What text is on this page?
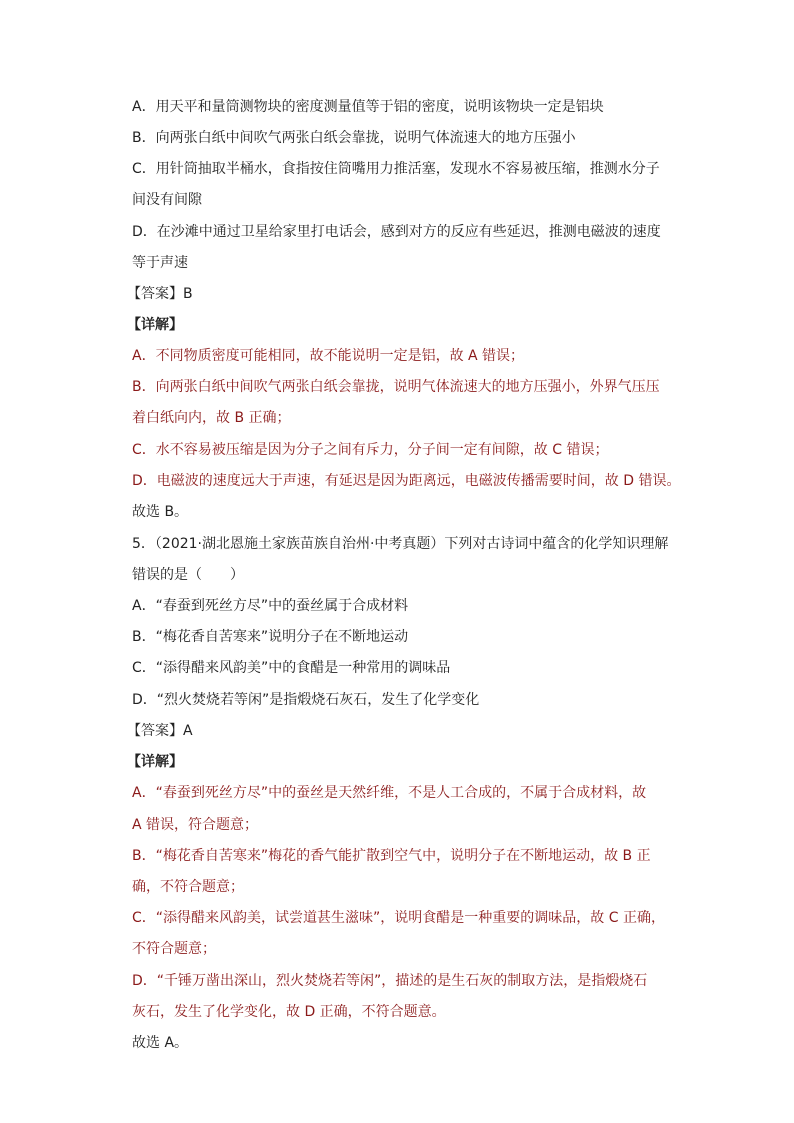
A．用天平和量筒测物块的密度测量值等于铝的密度，说明该物块一定是铝块
B．向两张白纸中间吹气两张白纸会靠拢，说明气体流速大的地方压强小
C．用针筒抽取半桶水，食指按住筒嘴用力推活塞，发现水不容易被压缩，推测水分子
间没有间隙
D．在沙滩中通过卫星给家里打电话会，感到对方的反应有些延迟，推测电磁波的速度
等于声速
【答案】B
【详解】
A．不同物质密度可能相同，故不能说明一定是铝，故 A 错误；
B．向两张白纸中间吹气两张白纸会靠拢，说明气体流速大的地方压强小，外界气压压
着白纸向内，故 B 正确；
C．水不容易被压缩是因为分子之间有斥力，分子间一定有间隙，故 C 错误；
D．电磁波的速度远大于声速，有延迟是因为距离远，电磁波传播需要时间，故 D 错误。
故选 B。
5．（2021·湖北恩施土家族苗族自治州·中考真题）下列对古诗词中蕴含的化学知识理解
错误的是（　　）
A．“春蚕到死丝方尽”中的蚕丝属于合成材料
B．“梅花香自苦寒来”说明分子在不断地运动
C．“添得醋来风韵美”中的食醋是一种常用的调味品
D．“烈火焚烧若等闲”是指煅烧石灰石，发生了化学变化
【答案】A
【详解】
A．“春蚕到死丝方尽”中的蚕丝是天然纤维，不是人工合成的，不属于合成材料，故
A 错误，符合题意；
B．“梅花香自苦寒来”梅花的香气能扩散到空气中，说明分子在不断地运动，故 B 正
确，不符合题意；
C．“添得醋来风韵美，试尝道甚生滋味”，说明食醋是一种重要的调味品，故 C 正确，
不符合题意；
D．“千锤万凿出深山，烈火焚烧若等闲”，描述的是生石灰的制取方法，是指煅烧石
灰石，发生了化学变化，故 D 正确，不符合题意。
故选 A。
